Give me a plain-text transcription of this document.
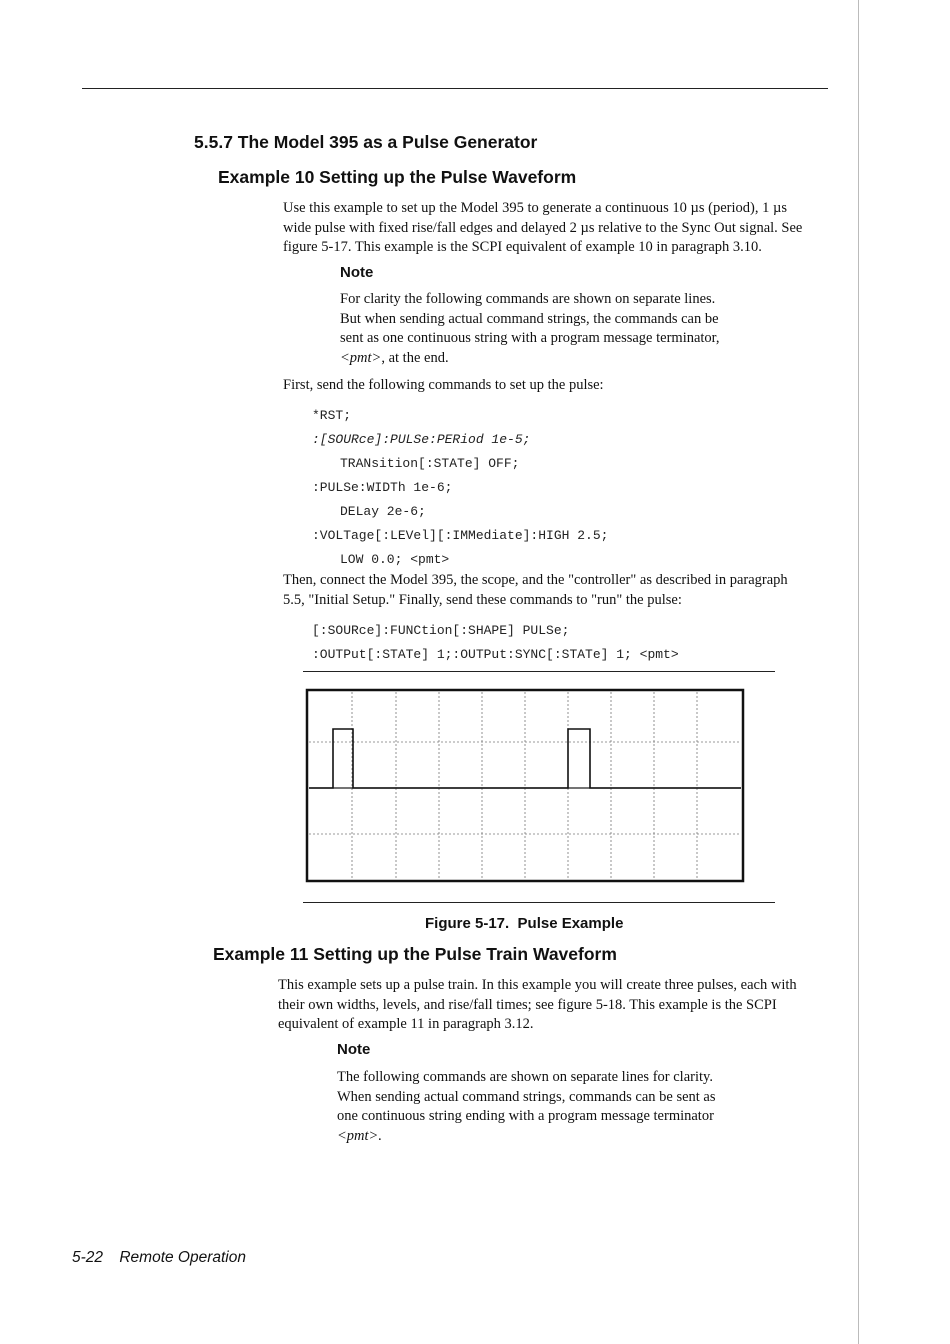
5.5.7 The Model 395 as a Pulse Generator
Example 10 Setting up the Pulse Waveform
Use this example to set up the Model 395 to generate a continuous 10 µs (period), 1 µs
wide pulse with fixed rise/fall edges and delayed 2 µs relative to the Sync Out signal. See
figure 5-17. This example is the SCPI equivalent of example 10 in paragraph 3.10.
Note
For clarity the following commands are shown on separate lines.
But when sending actual command strings, the commands can be
sent as one continuous string with a program message terminator,
<pmt>, at the end.
First, send the following commands to set up the pulse:
*RST;
:[SOURce]:PULSe:PERiod 1e-5;
TRANsition[:STATe] OFF;
:PULSe:WIDTh 1e-6;
DELay 2e-6;
:VOLTage[:LEVel][:IMMediate]:HIGH 2.5;
LOW 0.0; <pmt>
Then, connect the Model 395, the scope, and the "controller" as described in paragraph
5.5, "Initial Setup." Finally, send these commands to "run" the pulse:
[:SOURce]:FUNCtion[:SHAPE] PULSe;
:OUTPut[:STATe] 1;:OUTPut:SYNC[:STATe] 1; <pmt>
Figure 5-17.  Pulse Example
Example 11 Setting up the Pulse Train Waveform
This example sets up a pulse train. In this example you will create three pulses, each with
their own widths, levels, and rise/fall times; see figure 5-18. This example is the SCPI
equivalent of example 11 in paragraph 3.12.
Note
The following commands are shown on separate lines for clarity.
When sending actual command strings, commands can be sent as
one continuous string ending with a program message terminator
<pmt>.
5-22 Remote Operation
